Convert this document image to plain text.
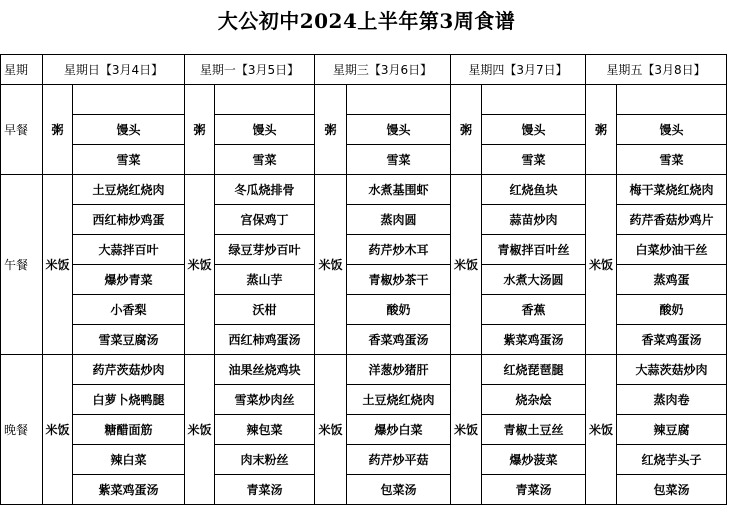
大公初中2024上半年第3周食谱
星期	星期日【3月4日】		星期一【3月5日】		星期三【3月6日】		星期四【3月7日】		星期五【3月8日】	
早餐	粥		粥		粥		粥		粥	
		馒头		馒头		馒头		馒头		馒头
		雪菜		雪菜		雪菜		雪菜		雪菜
午餐	米饭	土豆烧红烧肉	米饭	冬瓜烧排骨	米饭	水煮基围虾	米饭	红烧鱼块	米饭	梅干菜烧红烧肉
		西红柿炒鸡蛋		宫保鸡丁		蒸肉圆		蒜苗炒肉		药芹香菇炒鸡片
		大蒜拌百叶		绿豆芽炒百叶		药芹炒木耳		青椒拌百叶丝		白菜炒油干丝
		爆炒青菜		蒸山芋		青椒炒茶干		水煮大汤圆		蒸鸡蛋
		小香梨		沃柑		酸奶		香蕉		酸奶
		雪菜豆腐汤		西红柿鸡蛋汤		香菜鸡蛋汤		紫菜鸡蛋汤		香菜鸡蛋汤
晚餐	米饭	药芹茨菇炒肉	米饭	油果丝烧鸡块	米饭	洋葱炒猪肝	米饭	红烧琵琶腿	米饭	大蒜茨菇炒肉
		白萝卜烧鸭腿		雪菜炒肉丝		土豆烧红烧肉		烧杂烩		蒸肉卷
		糖醋面筋		辣包菜		爆炒白菜		青椒土豆丝		辣豆腐
		辣白菜		肉末粉丝		药芹炒平菇		爆炒菠菜		红烧芋头子
		紫菜鸡蛋汤		青菜汤		包菜汤		青菜汤		包菜汤
